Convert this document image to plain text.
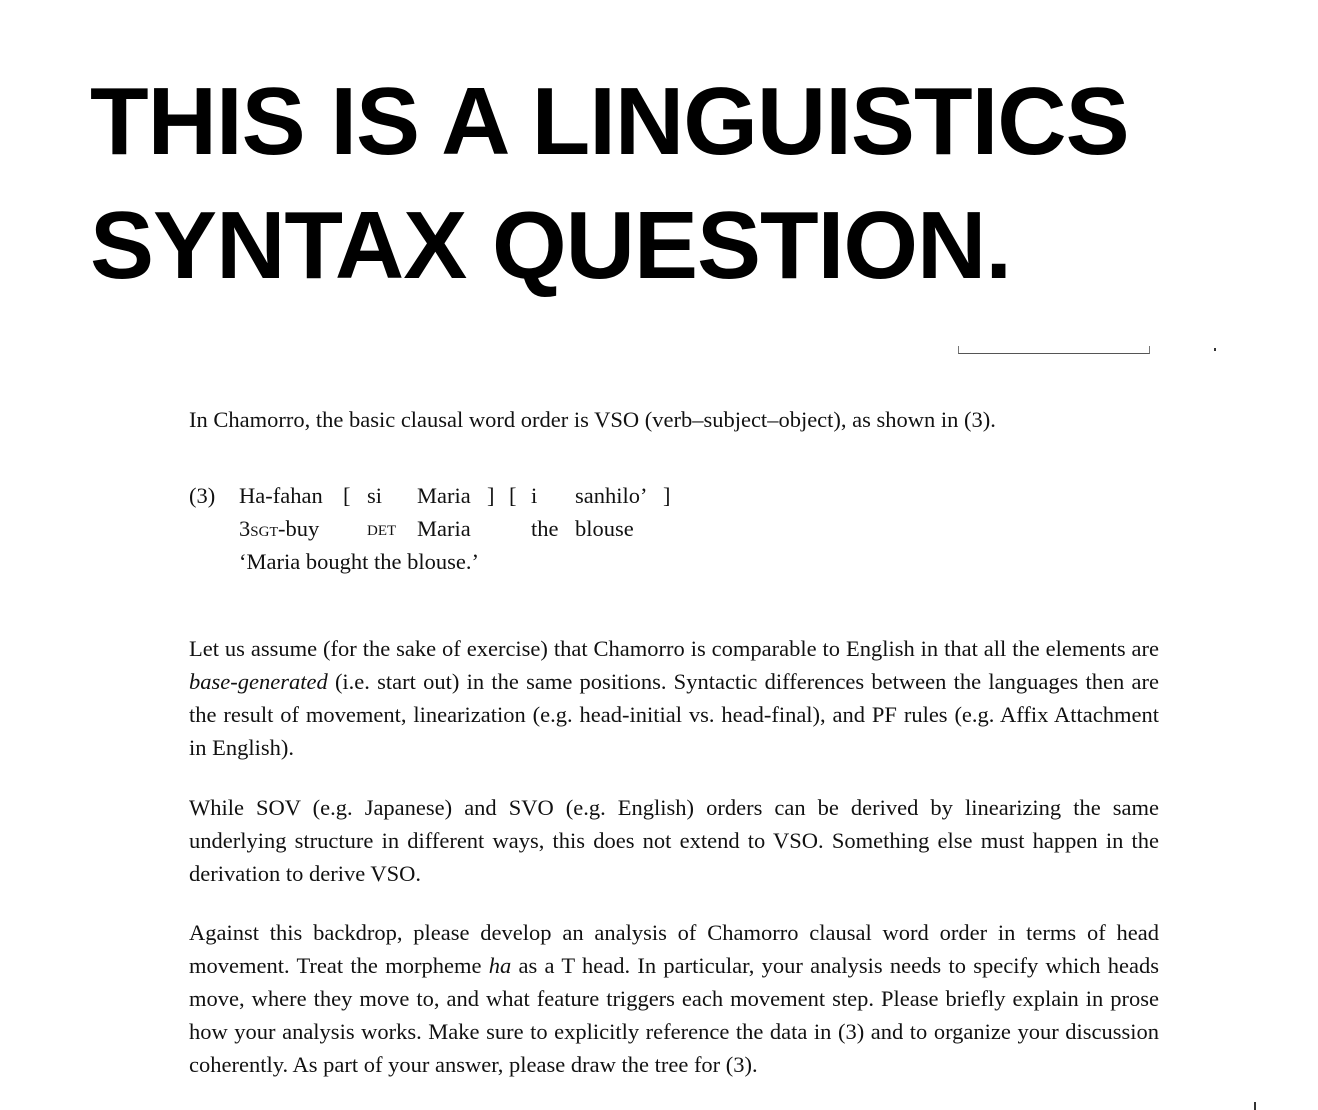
THIS IS A LINGUISTICS
SYNTAX QUESTION.

In Chamorro, the basic clausal word order is VSO (verb–subject–object), as shown in (3).

(3) Ha-fahan [ si Maria ] [ i sanhilo’ ]
3sgT-buy det Maria	the blouse
‘Maria bought the blouse.’

Let us assume (for the sake of exercise) that Chamorro is comparable to English in that all the elements are base-generated (i.e. start out) in the same positions. Syntactic differences between the languages then are the result of movement, linearization (e.g. head-initial vs. head-final), and PF rules (e.g. Affix Attachment in English).

While SOV (e.g. Japanese) and SVO (e.g. English) orders can be derived by linearizing the same underlying structure in different ways, this does not extend to VSO. Something else must happen in the derivation to derive VSO.

Against this backdrop, please develop an analysis of Chamorro clausal word order in terms of head movement. Treat the morpheme ha as a T head. In particular, your analysis needs to specify which heads move, where they move to, and what feature triggers each movement step. Please briefly explain in prose how your analysis works. Make sure to explicitly reference the data in (3) and to organize your discussion coherently. As part of your answer, please draw the tree for (3).
